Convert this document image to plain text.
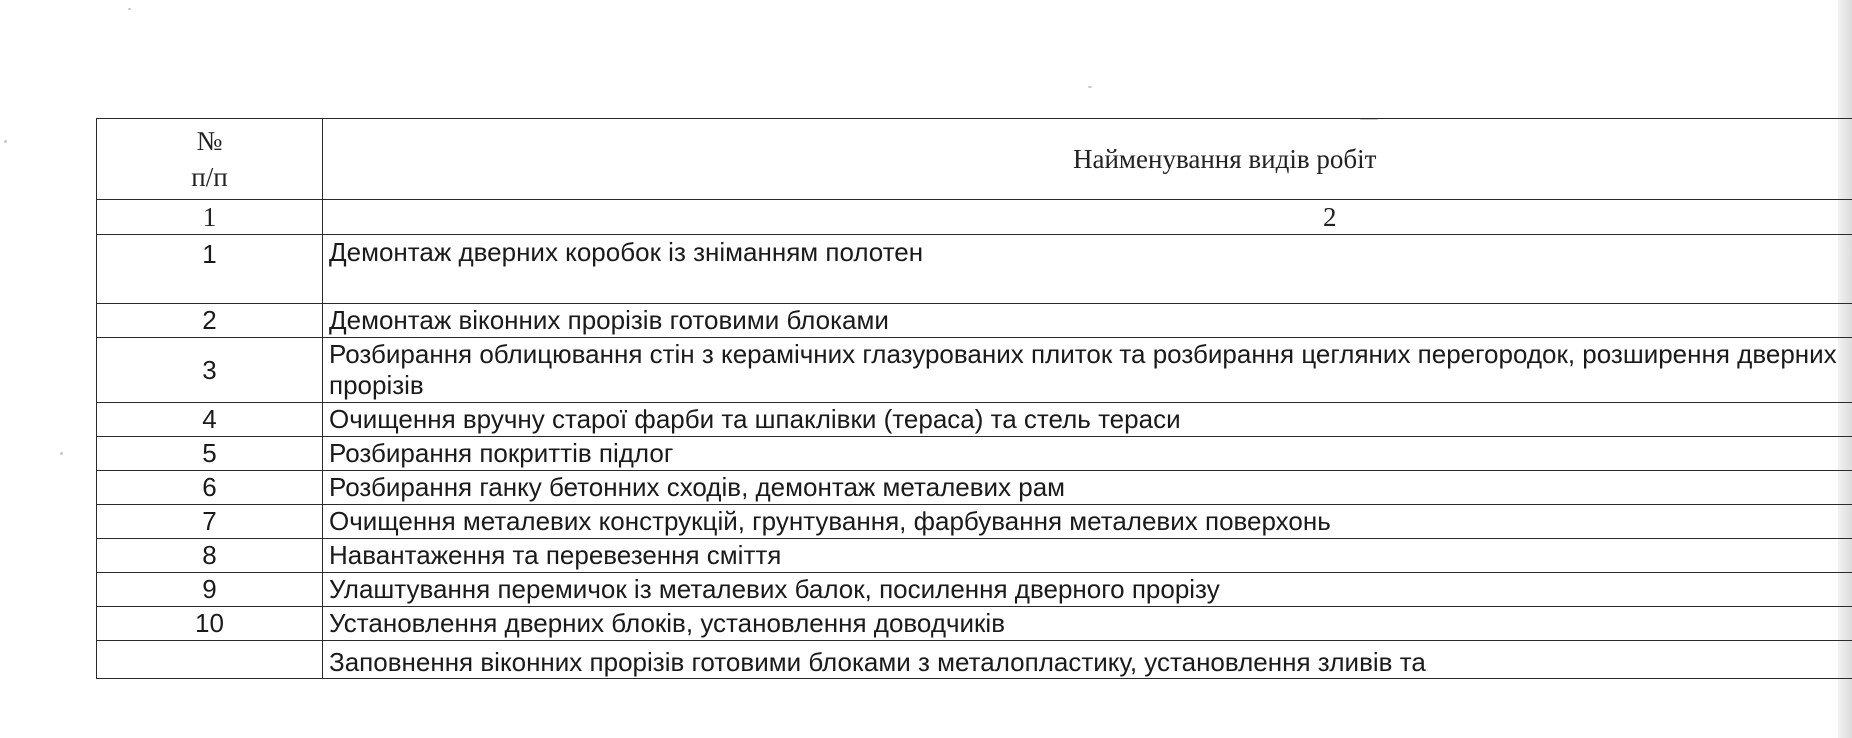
№
п/п	Найменування видів робіт
1	2
1	Демонтаж дверних коробок із зніманням полотен
2	Демонтаж віконних прорізів готовими блоками
3	Розбирання облицювання стін з керамічних глазурованих плиток та розбирання цегляних перегородок, розширення дверних прорізів
4	Очищення вручну старої фарби та шпаклівки (тераса) та стель тераси
5	Розбирання покриттів підлог
6	Розбирання ганку бетонних сходів, демонтаж металевих рам
7	Очищення металевих конструкцій, грунтування, фарбування металевих поверхонь
8	Навантаження та перевезення сміття
9	Улаштування перемичок із металевих балок, посилення дверного прорізу
10	Установлення дверних блоків, установлення доводчиків

	Заповнення віконних прорізів готовими блоками з металопластику, установлення зливів та
